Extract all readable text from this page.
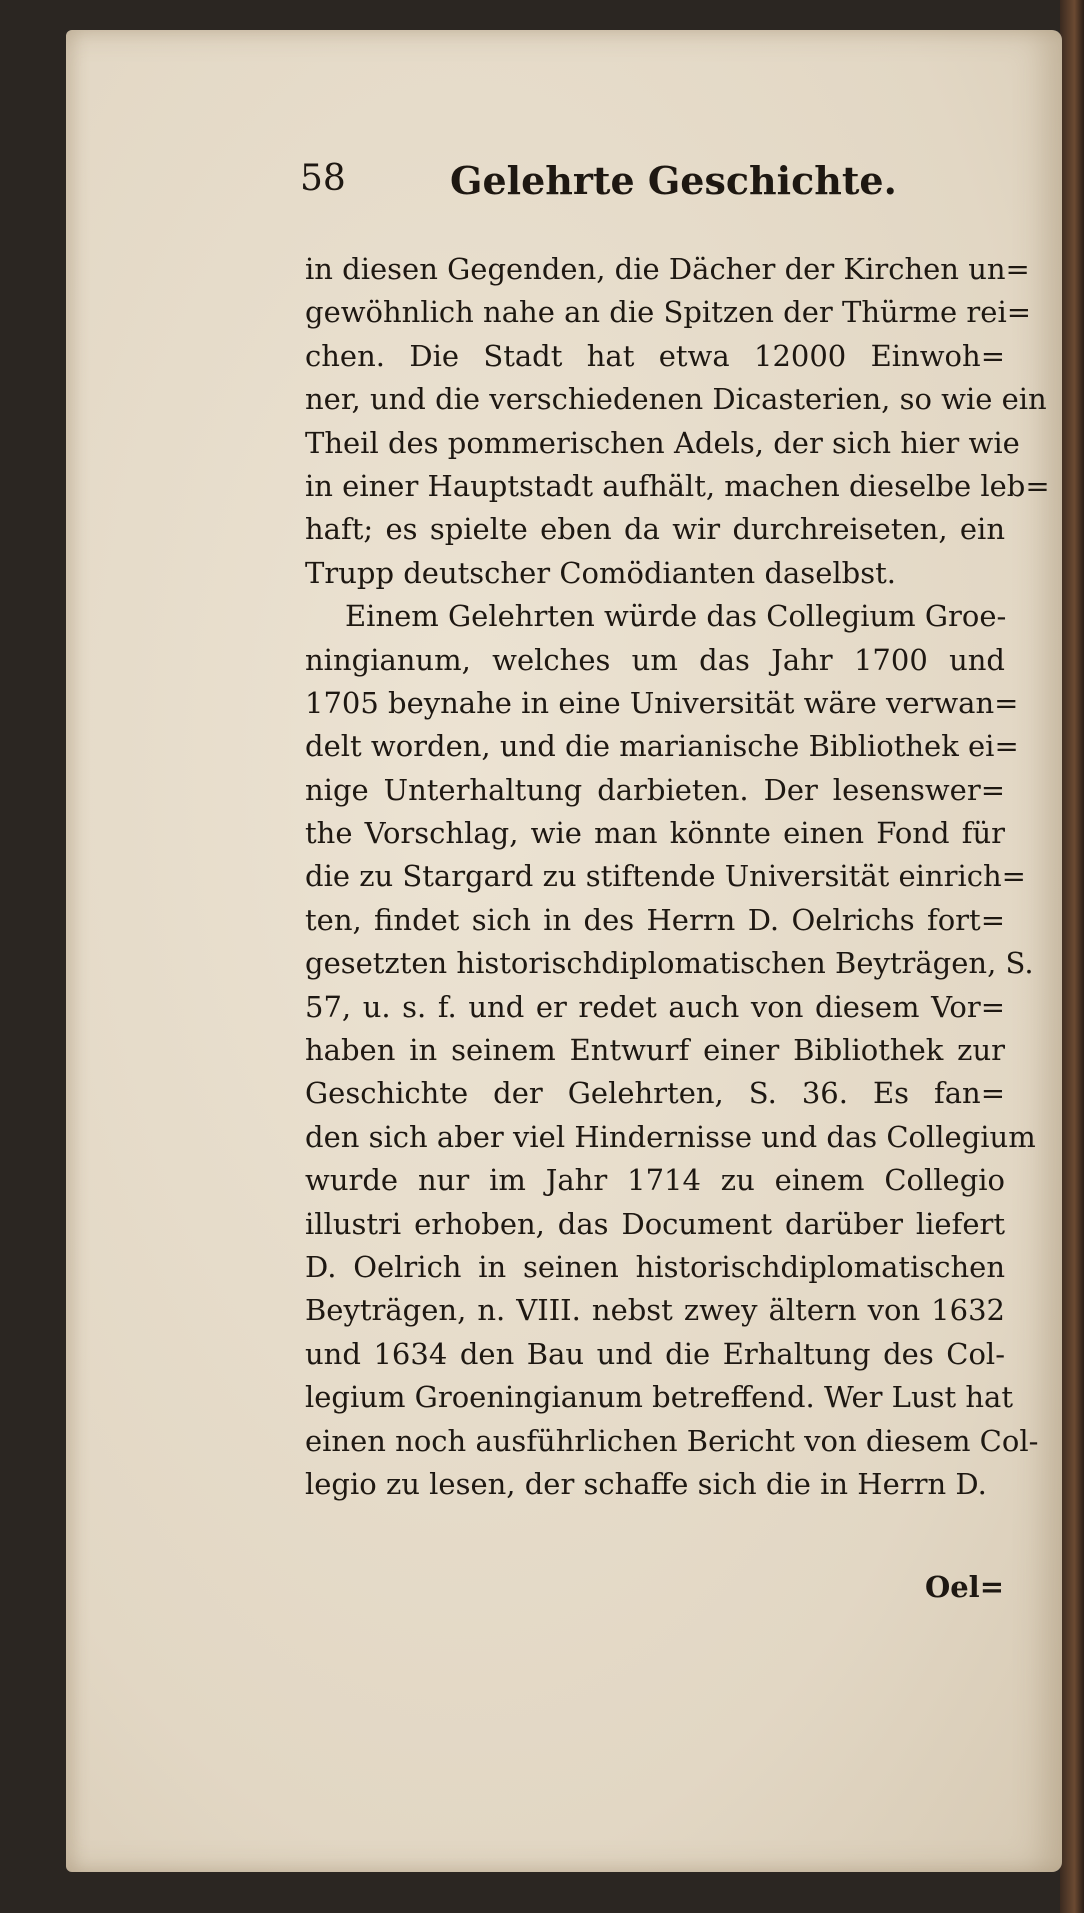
58	Gelehrte Geschichte.
in diesen Gegenden, die Dächer der Kirchen un=
gewöhnlich nahe an die Spitzen der Thürme rei=
chen. Die Stadt hat etwa 12000 Einwoh=
ner, und die verschiedenen Dicasterien, so wie ein
Theil des pommerischen Adels, der sich hier wie
in einer Hauptstadt aufhält, machen dieselbe leb=
haft; es spielte eben da wir durchreiseten, ein
Trupp deutscher Comödianten daselbst.
Einem Gelehrten würde das Collegium Groe-
ningianum, welches um das Jahr 1700 und
1705 beynahe in eine Universität wäre verwan=
delt worden, und die marianische Bibliothek ei=
nige Unterhaltung darbieten. Der lesenswer=
the Vorschlag, wie man könnte einen Fond für
die zu Stargard zu stiftende Universität einrich=
ten, findet sich in des Herrn D. Oelrichs fort=
gesetzten historischdiplomatischen Beyträgen, S.
57, u. s. f. und er redet auch von diesem Vor=
haben in seinem Entwurf einer Bibliothek zur
Geschichte der Gelehrten, S. 36. Es fan=
den sich aber viel Hindernisse und das Collegium
wurde nur im Jahr 1714 zu einem Collegio
illustri erhoben, das Document darüber liefert
D. Oelrich in seinen historischdiplomatischen
Beyträgen, n. VIII. nebst zwey ältern von 1632
und 1634 den Bau und die Erhaltung des Col-
legium Groeningianum betreffend. Wer Lust hat
einen noch ausführlichen Bericht von diesem Col-
legio zu lesen, der schaffe sich die in Herrn D.
Oel=
